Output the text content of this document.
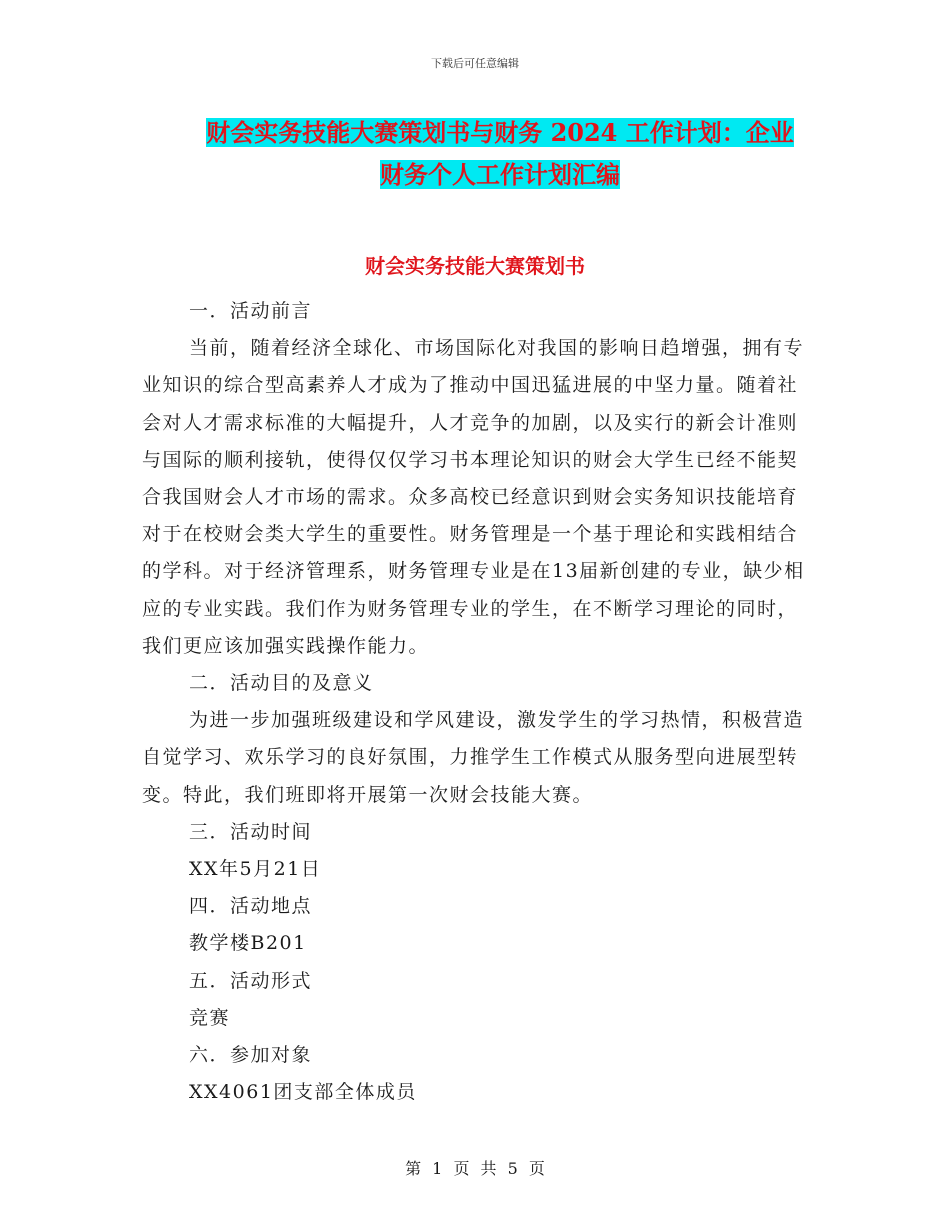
下载后可任意编辑
财会实务技能大赛策划书与财务 2024 工作计划：企业
财务个人工作计划汇编
财会实务技能大赛策划书

一．活动前言

当前，随着经济全球化、市场国际化对我国的影响日趋增强，拥有专业知识的综合型高素养人才成为了推动中国迅猛进展的中坚力量。随着社会对人才需求标准的大幅提升，人才竞争的加剧，以及实行的新会计准则与国际的顺利接轨，使得仅仅学习书本理论知识的财会大学生已经不能契合我国财会人才市场的需求。众多高校已经意识到财会实务知识技能培育对于在校财会类大学生的重要性。财务管理是一个基于理论和实践相结合的学科。对于经济管理系，财务管理专业是在13届新创建的专业，缺少相应的专业实践。我们作为财务管理专业的学生，在不断学习理论的同时，我们更应该加强实践操作能力。

二．活动目的及意义

为进一步加强班级建设和学风建设，激发学生的学习热情，积极营造自觉学习、欢乐学习的良好氛围，力推学生工作模式从服务型向进展型转变。特此，我们班即将开展第一次财会技能大赛。

三．活动时间

XX年5月21日

四．活动地点

教学楼B201

五．活动形式

竞赛

六．参加对象

XX4061团支部全体成员

第 1 页 共 5 页
